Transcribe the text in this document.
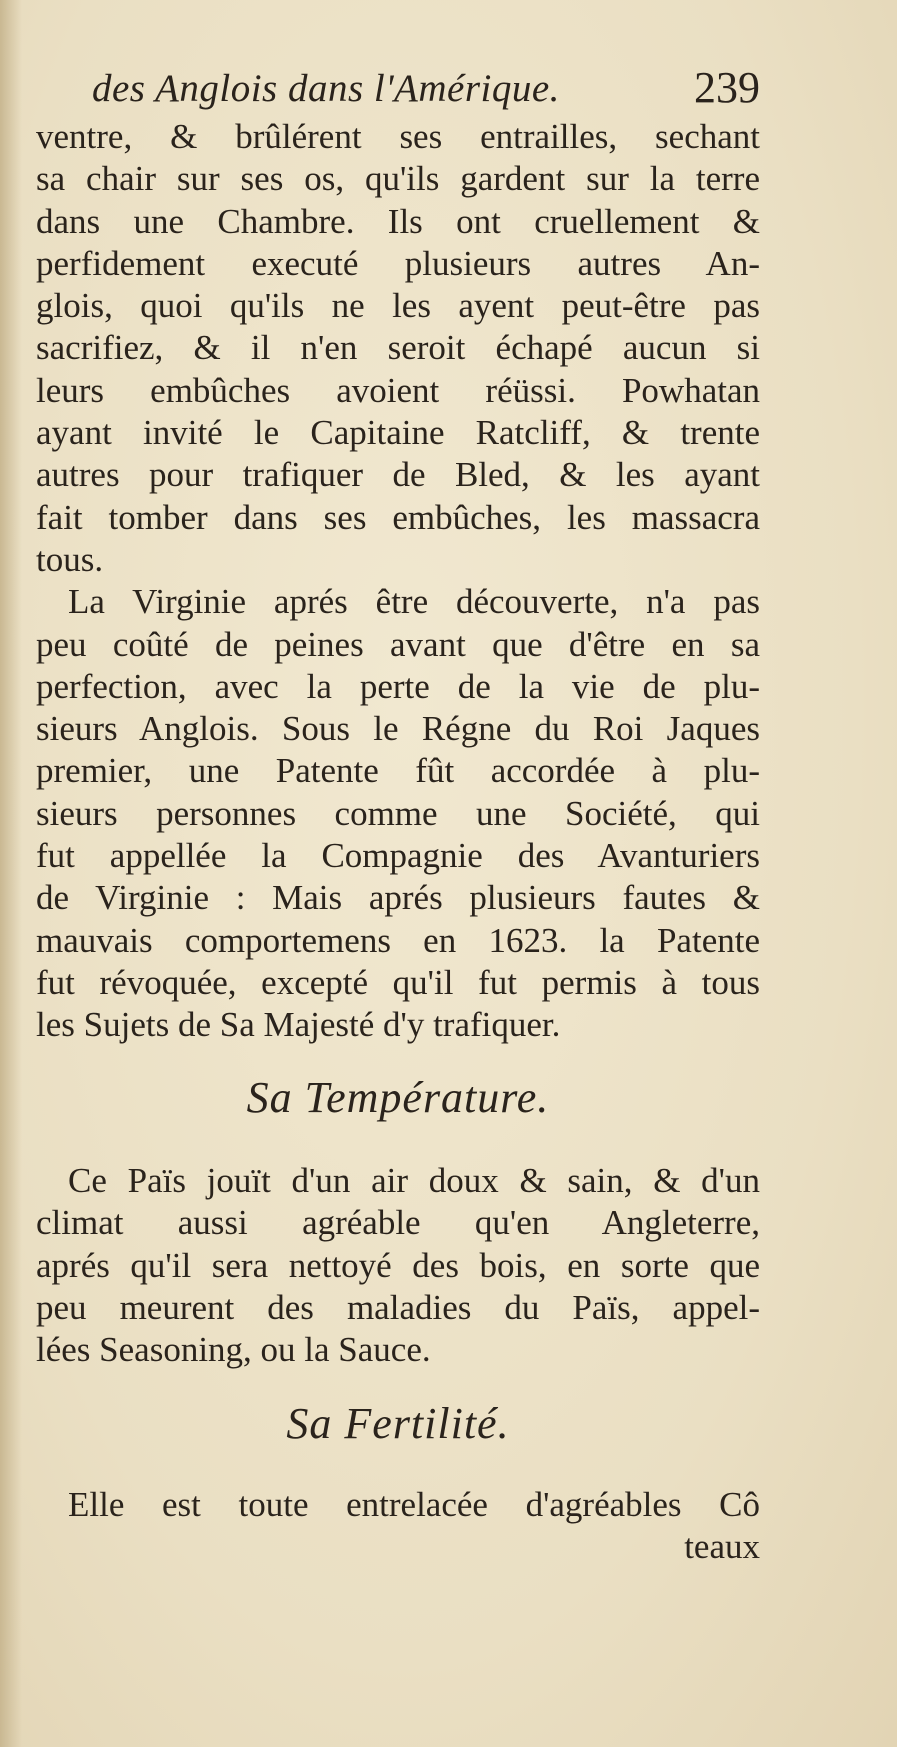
des Anglois dans l'Amérique.	239
ventre, & brûlérent ses entrailles, sechant
sa chair sur ses os, qu'ils gardent sur la terre
dans une Chambre. Ils ont cruellement &
perfidement executé plusieurs autres An-
glois, quoi qu'ils ne les ayent peut-être pas
sacrifiez, & il n'en seroit échapé aucun si
leurs embûches avoient réüssi. Powhatan
ayant invité le Capitaine Ratcliff, & trente
autres pour trafiquer de Bled, & les ayant
fait tomber dans ses embûches, les massacra
tous.
La Virginie aprés être découverte, n'a pas
peu coûté de peines avant que d'être en sa
perfection, avec la perte de la vie de plu-
sieurs Anglois. Sous le Régne du Roi Jaques
premier, une Patente fût accordée à plu-
sieurs personnes comme une Société, qui
fut appellée la Compagnie des Avanturiers
de Virginie : Mais aprés plusieurs fautes &
mauvais comportemens en 1623. la Patente
fut révoquée, excepté qu'il fut permis à tous
les Sujets de Sa Majesté d'y trafiquer.
Sa Température.
Ce Païs jouït d'un air doux & sain, & d'un
climat aussi agréable qu'en Angleterre,
aprés qu'il sera nettoyé des bois, en sorte que
peu meurent des maladies du Païs, appel-
lées Seasoning, ou la Sauce.
Sa Fertilité.
Elle est toute entrelacée d'agréables Cô
teaux
